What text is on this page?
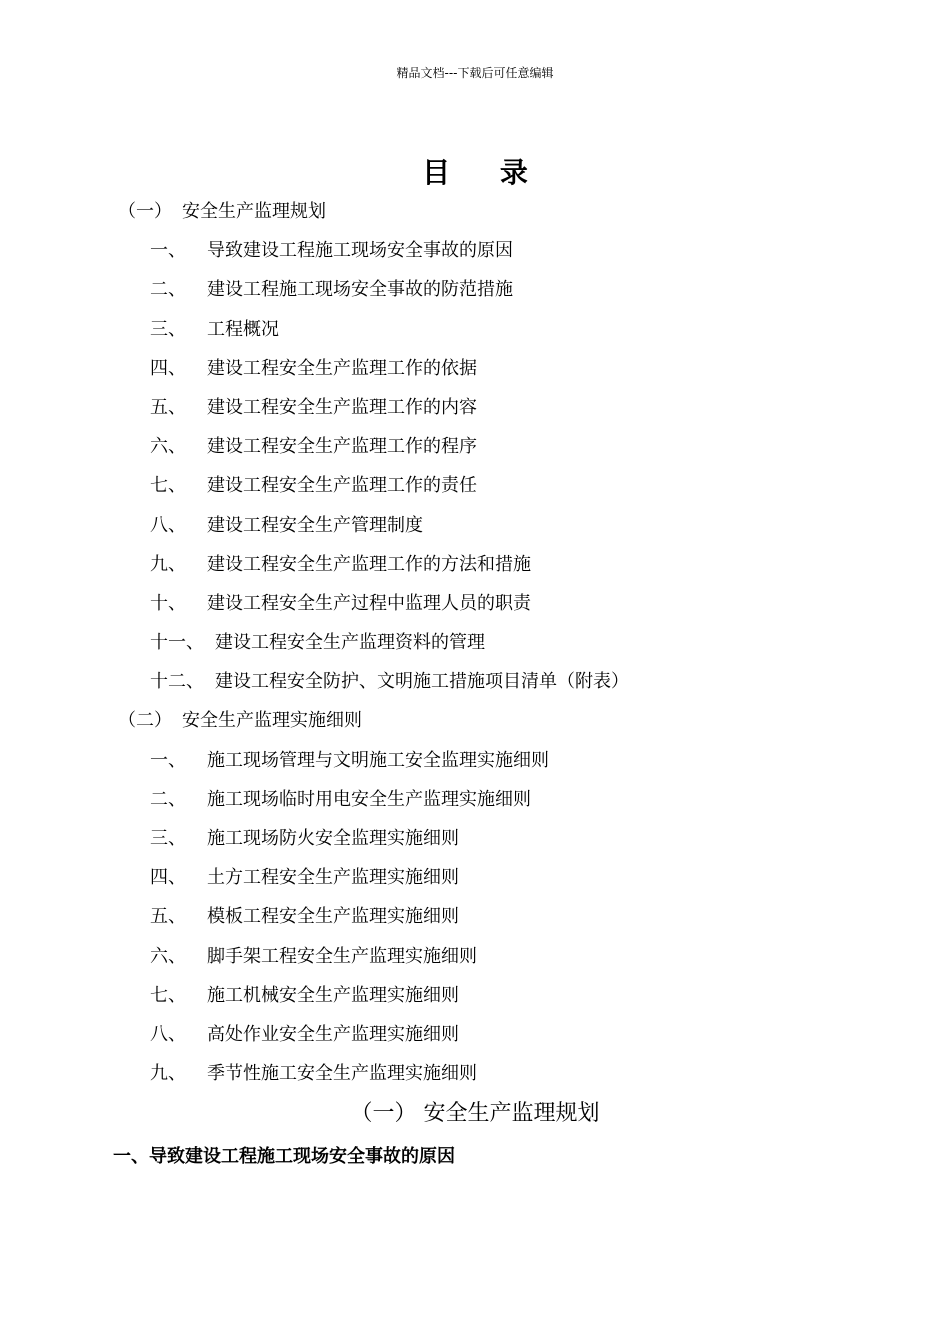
精品文档---下载后可任意编辑
目 录
（一） 安全生产监理规划
一、 导致建设工程施工现场安全事故的原因
二、 建设工程施工现场安全事故的防范措施
三、 工程概况
四、 建设工程安全生产监理工作的依据
五、 建设工程安全生产监理工作的内容
六、 建设工程安全生产监理工作的程序
七、 建设工程安全生产监理工作的责任
八、 建设工程安全生产管理制度
九、 建设工程安全生产监理工作的方法和措施
十、 建设工程安全生产过程中监理人员的职责
十一、 建设工程安全生产监理资料的管理
十二、 建设工程安全防护、文明施工措施项目清单（附表）
（二） 安全生产监理实施细则
一、 施工现场管理与文明施工安全监理实施细则
二、 施工现场临时用电安全生产监理实施细则
三、 施工现场防火安全监理实施细则
四、 土方工程安全生产监理实施细则
五、 模板工程安全生产监理实施细则
六、 脚手架工程安全生产监理实施细则
七、 施工机械安全生产监理实施细则
八、 高处作业安全生产监理实施细则
九、 季节性施工安全生产监理实施细则
（一） 安全生产监理规划
一、导致建设工程施工现场安全事故的原因
